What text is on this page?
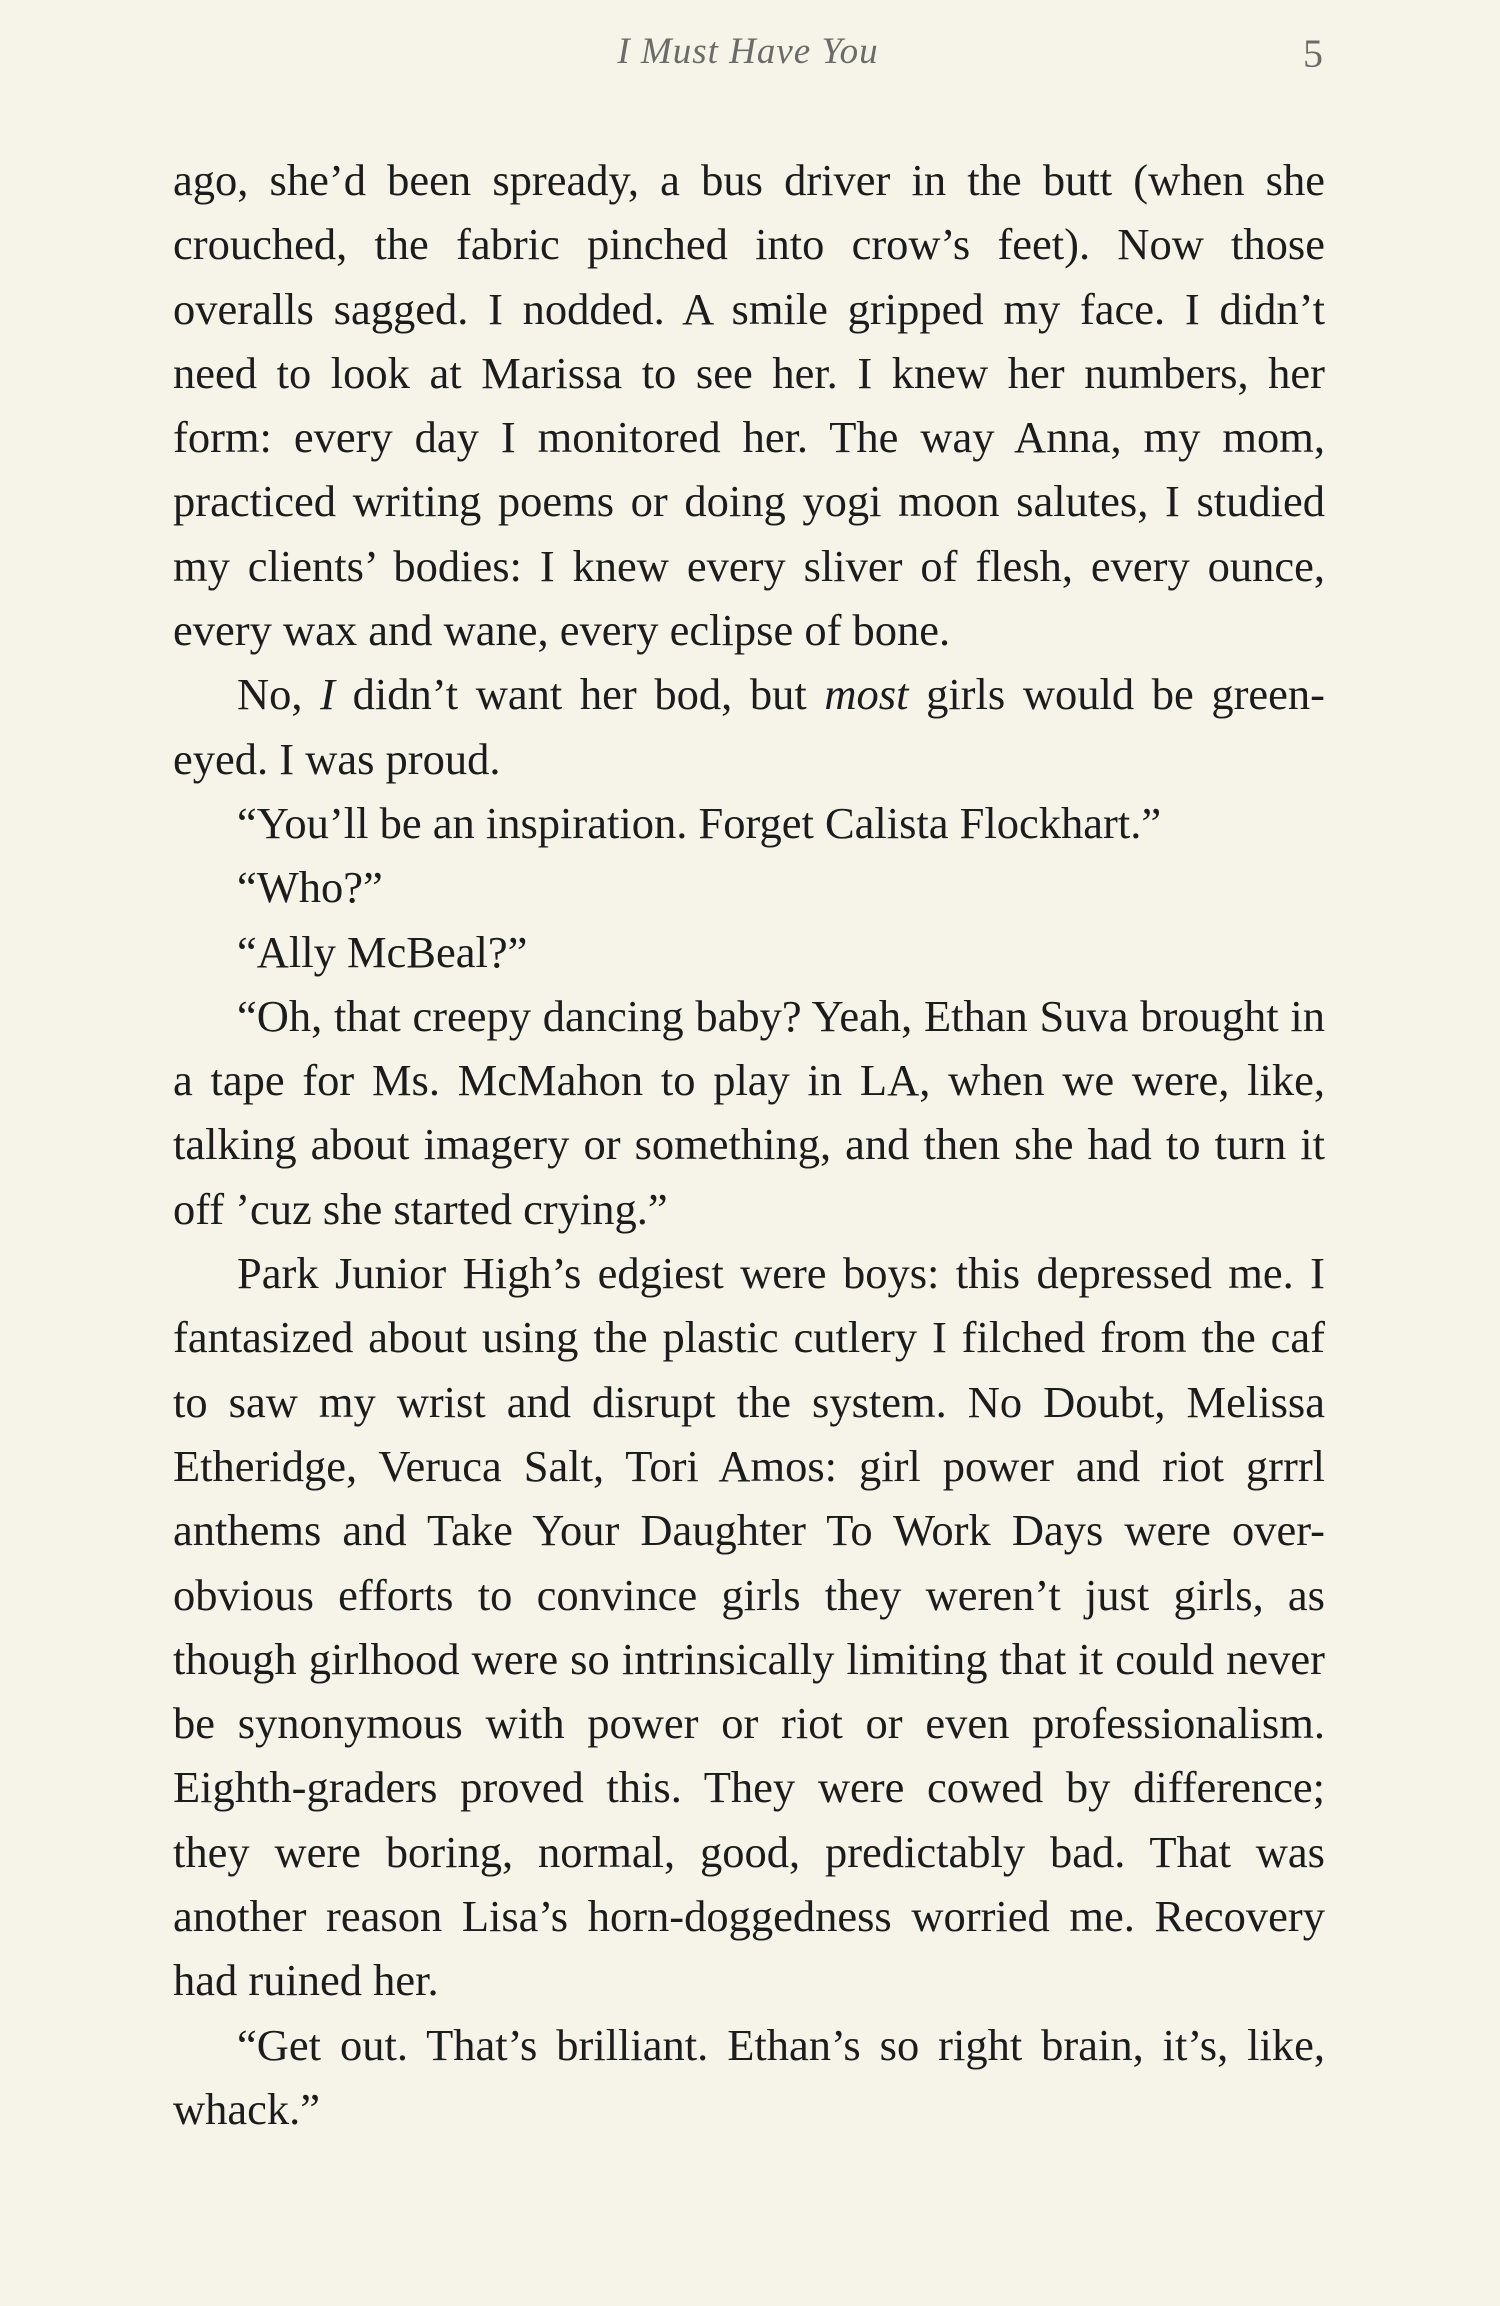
I Must Have You	5

ago, she’d been spready, a bus driver in the butt (when she crouched, the fabric pinched into crow’s feet). Now those overalls sagged. I nodded. A smile gripped my face. I didn’t need to look at Marissa to see her. I knew her numbers, her form: every day I monitored her. The way Anna, my mom, practiced writing poems or doing yogi moon salutes, I studied my clients’ bodies: I knew every sliver of flesh, every ounce, every wax and wane, every eclipse of bone.

No, I didn’t want her bod, but most girls would be green-eyed. I was proud.

“You’ll be an inspiration. Forget Calista Flockhart.”

“Who?”

“Ally McBeal?”

“Oh, that creepy dancing baby? Yeah, Ethan Suva brought in a tape for Ms. McMahon to play in LA, when we were, like, talking about imagery or something, and then she had to turn it off ’cuz she started crying.”

Park Junior High’s edgiest were boys: this depressed me. I fantasized about using the plastic cutlery I filched from the caf to saw my wrist and disrupt the system. No Doubt, Melissa Etheridge, Veruca Salt, Tori Amos: girl power and riot grrrl anthems and Take Your Daughter To Work Days were over-obvious efforts to convince girls they weren’t just girls, as though girlhood were so intrinsically limiting that it could never be synonymous with power or riot or even professionalism. Eighth-graders proved this. They were cowed by difference; they were boring, normal, good, predictably bad. That was another reason Lisa’s horn-doggedness worried me. Recovery had ruined her.

“Get out. That’s brilliant. Ethan’s so right brain, it’s, like, whack.”
